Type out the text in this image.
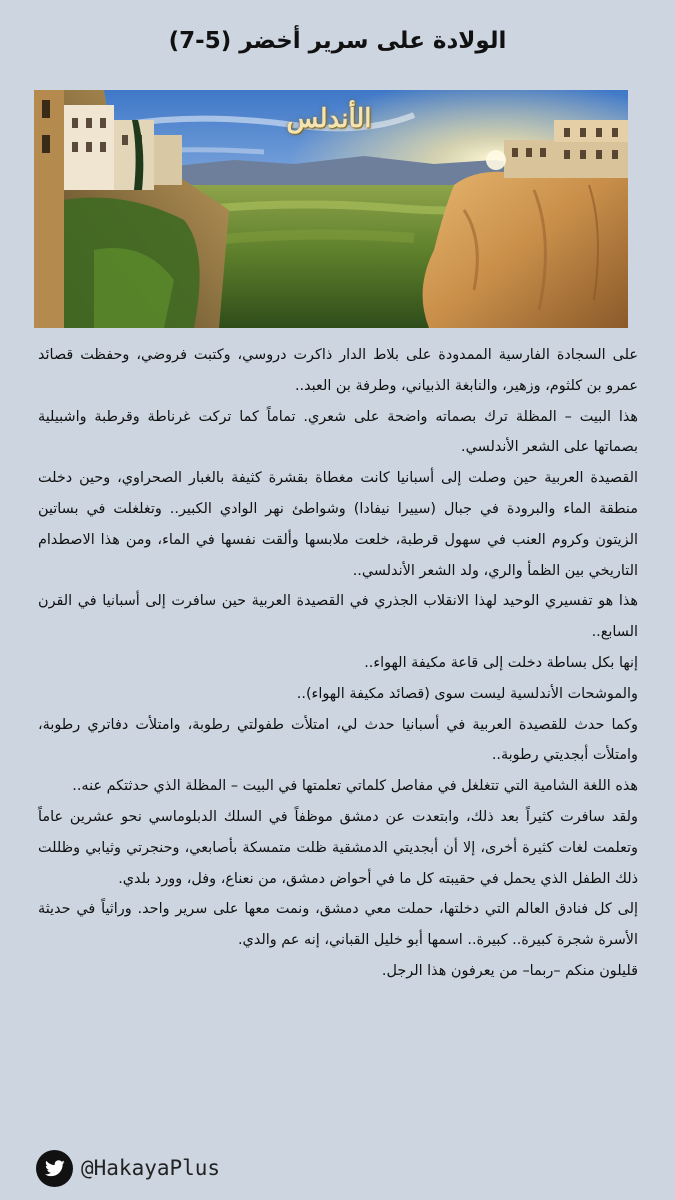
الولادة على سرير أخضر (5-7)
الأندلس

على السجادة الفارسية الممدودة على بلاط الدار ذاكرت دروسي، وكتبت فروضي، وحفظت قصائد عمرو بن كلثوم، وزهير، والنابغة الذبياني، وطرفة بن العبد..

هذا البيت – المظلة ترك بصماته واضحة على شعري. تماماً كما تركت غرناطة وقرطبة واشبيلية بصماتها على الشعر الأندلسي.

القصيدة العربية حين وصلت إلى أسبانيا كانت مغطاة بقشرة كثيفة بالغبار الصحراوي، وحين دخلت منطقة الماء والبرودة في جبال (سييرا نيفادا) وشواطئ نهر الوادي الكبير.. وتغلغلت في بساتين الزيتون وكروم العنب في سهول قرطبة، خلعت ملابسها وألقت نفسها في الماء، ومن هذا الاصطدام التاريخي بين الظمأ والري، ولد الشعر الأندلسي..

هذا هو تفسيري الوحيد لهذا الانقلاب الجذري في القصيدة العربية حين سافرت إلى أسبانيا في القرن السابع..

إنها بكل بساطة دخلت إلى قاعة مكيفة الهواء..

والموشحات الأندلسية ليست سوى (قصائد مكيفة الهواء)..

وكما حدث للقصيدة العربية في أسبانيا حدث لي، امتلأت طفولتي رطوبة، وامتلأت دفاتري رطوبة، وامتلأت أبجديتي رطوبة..

هذه اللغة الشامية التي تتغلغل في مفاصل كلماتي تعلمتها في البيت – المظلة الذي حدثتكم عنه..

ولقد سافرت كثيراً بعد ذلك، وابتعدت عن دمشق موظفاً في السلك الدبلوماسي نحو عشرين عاماً وتعلمت لغات كثيرة أخرى، إلا أن أبجديتي الدمشقية ظلت متمسكة بأصابعي، وحنجرتي وثيابي وظللت ذلك الطفل الذي يحمل في حقيبته كل ما في أحواض دمشق، من نعناع، وفل، وورد بلدي.

إلى كل فنادق العالم التي دخلتها، حملت معي دمشق، ونمت معها على سرير واحد. وراثياً في حديثة الأسرة شجرة كبيرة.. كبيرة.. اسمها أبو خليل القباني، إنه عم والدي.

قليلون منكم –ربما– من يعرفون هذا الرجل.

@HakayaPlus
